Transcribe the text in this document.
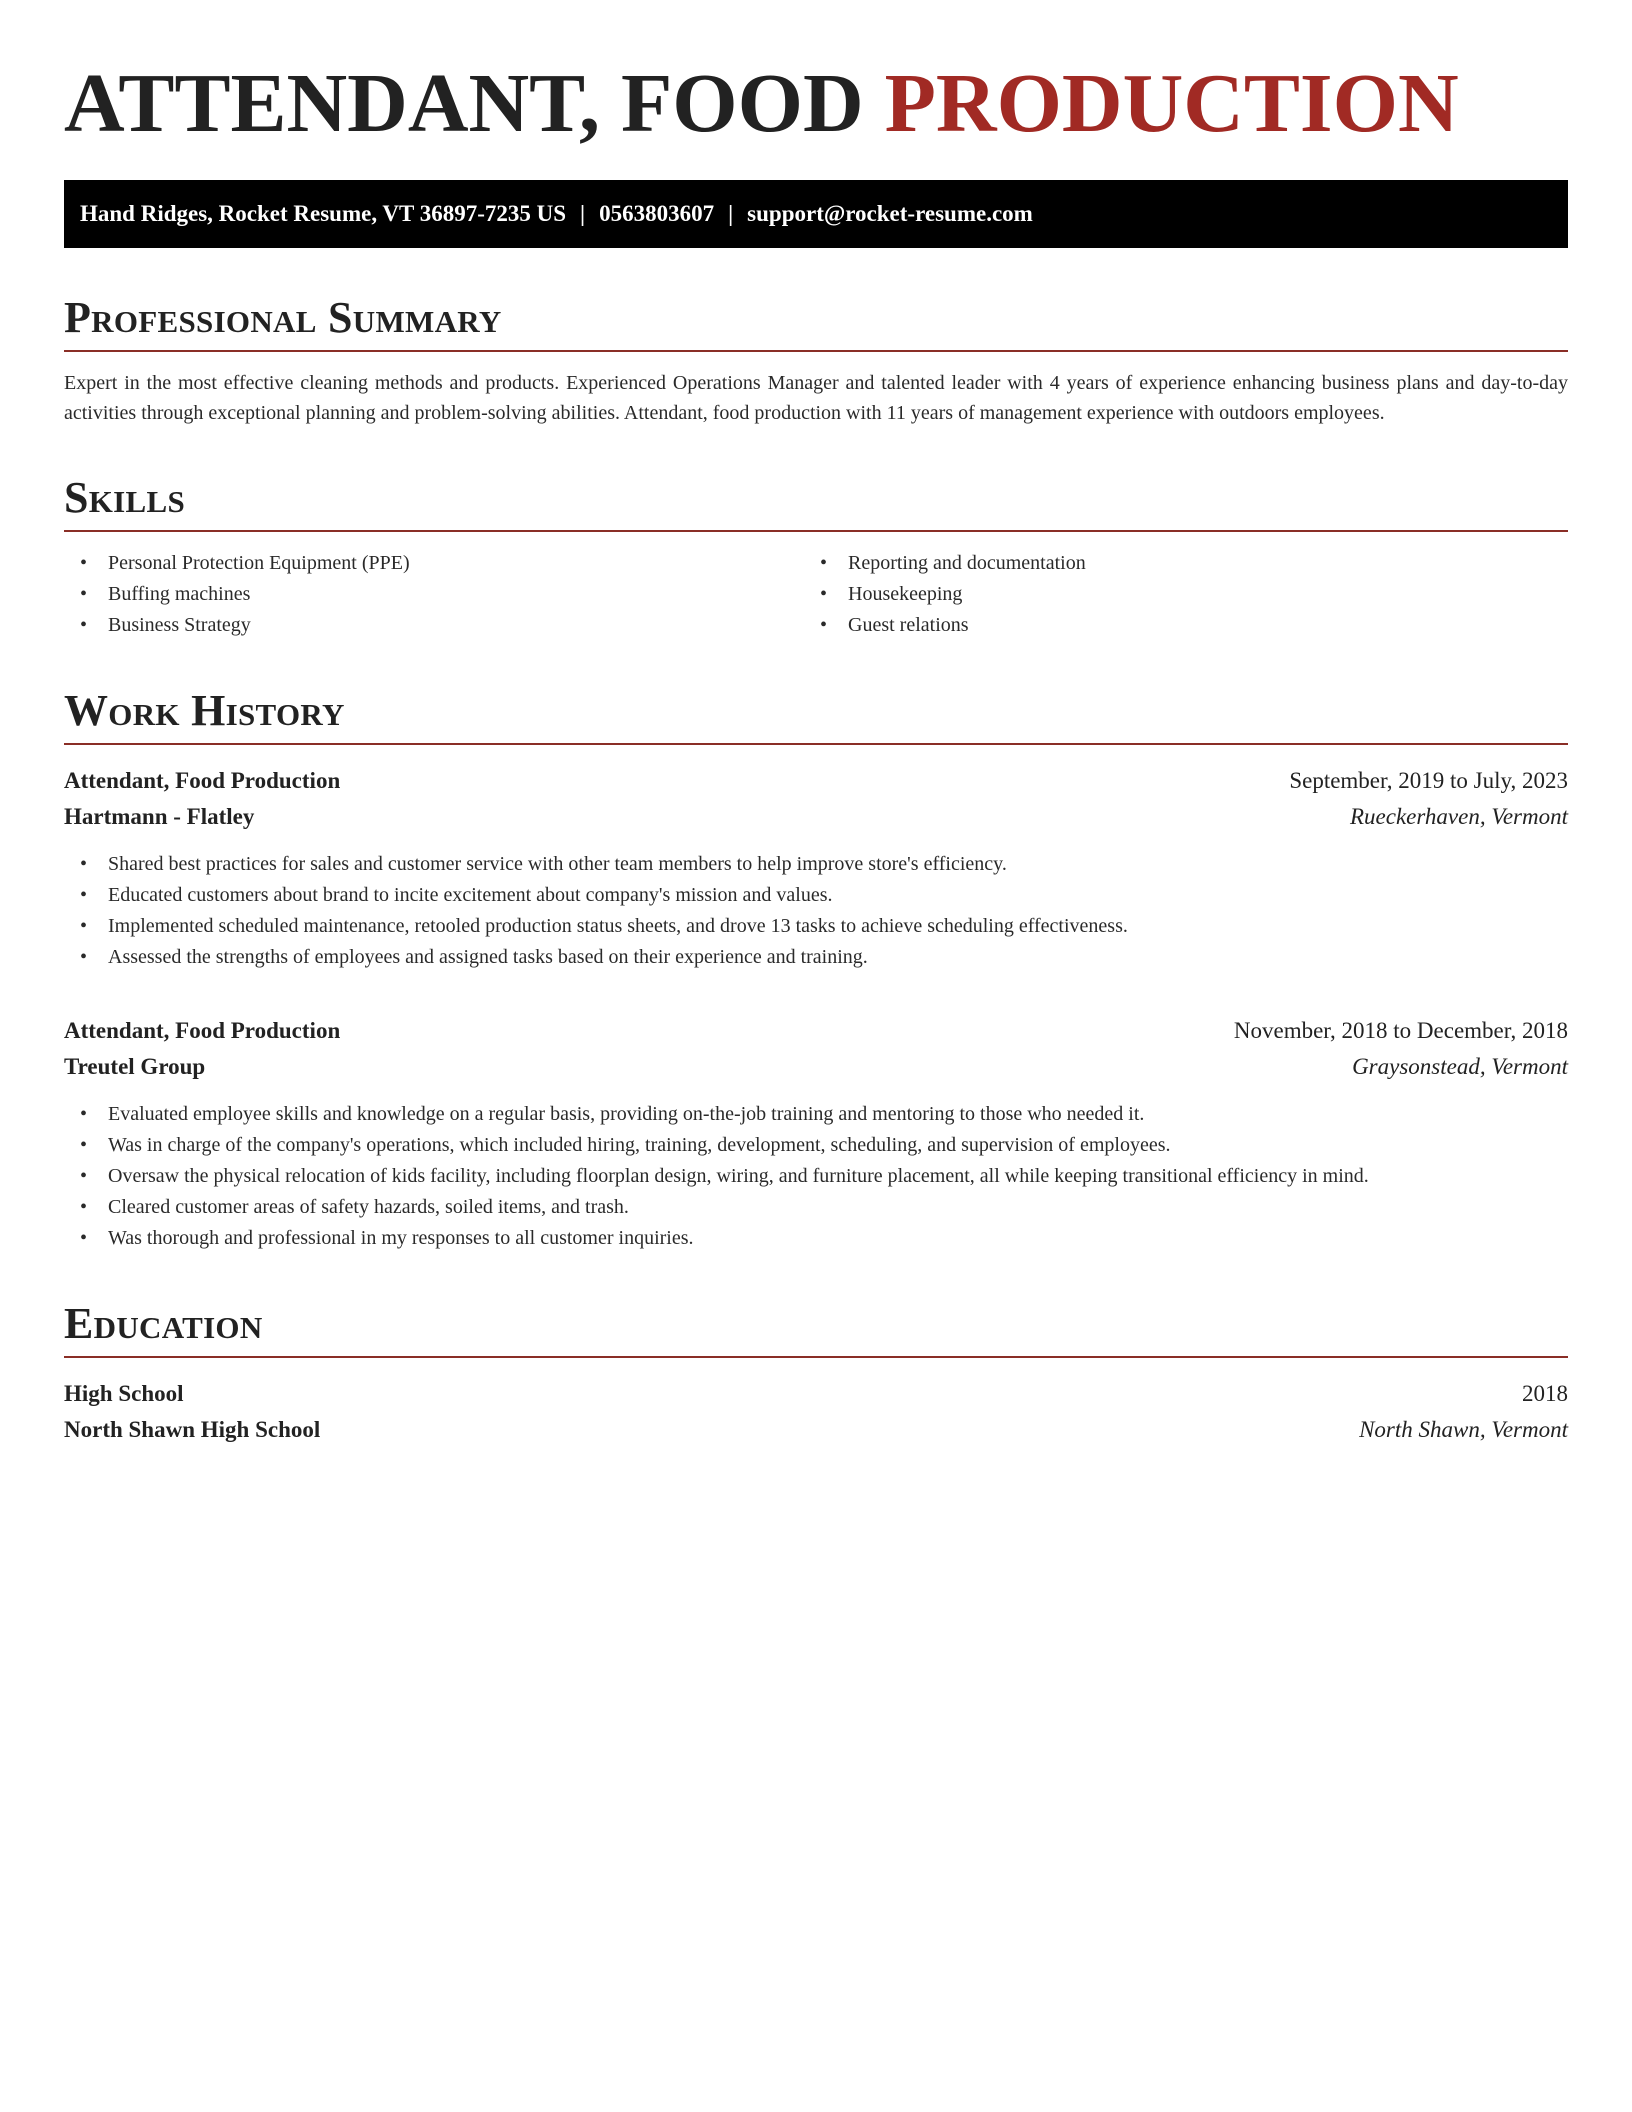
ATTENDANT, FOOD PRODUCTION
Hand Ridges, Rocket Resume, VT 36897-7235 US | 0563803607 | support@rocket-resume.com
Professional Summary
Expert in the most effective cleaning methods and products. Experienced Operations Manager and talented leader with 4 years of experience enhancing business plans and day-to-day activities through exceptional planning and problem-solving abilities. Attendant, food production with 11 years of management experience with outdoors employees.
Skills
• Personal Protection Equipment (PPE)
• Buffing machines
• Business Strategy
• Reporting and documentation
• Housekeeping
• Guest relations
Work History
Attendant, Food Production	September, 2019 to July, 2023
Hartmann - Flatley	Rueckerhaven, Vermont
• Shared best practices for sales and customer service with other team members to help improve store's efficiency.
• Educated customers about brand to incite excitement about company's mission and values.
• Implemented scheduled maintenance, retooled production status sheets, and drove 13 tasks to achieve scheduling effectiveness.
• Assessed the strengths of employees and assigned tasks based on their experience and training.
Attendant, Food Production	November, 2018 to December, 2018
Treutel Group	Graysonstead, Vermont
• Evaluated employee skills and knowledge on a regular basis, providing on-the-job training and mentoring to those who needed it.
• Was in charge of the company's operations, which included hiring, training, development, scheduling, and supervision of employees.
• Oversaw the physical relocation of kids facility, including floorplan design, wiring, and furniture placement, all while keeping transitional efficiency in mind.
• Cleared customer areas of safety hazards, soiled items, and trash.
• Was thorough and professional in my responses to all customer inquiries.
Education
High School	2018
North Shawn High School	North Shawn, Vermont
